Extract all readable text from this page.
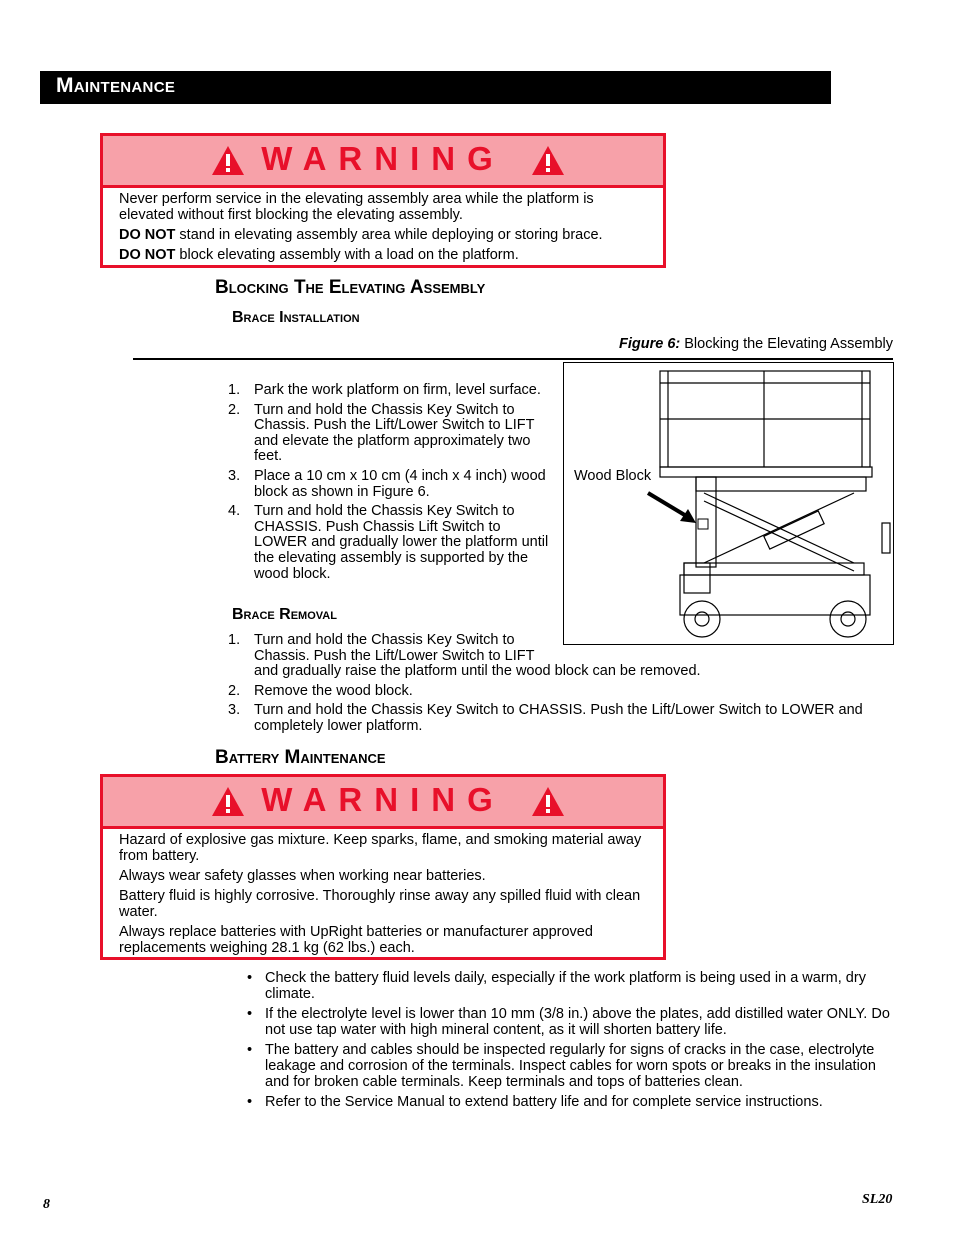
Maintenance
WARNING

Never perform service in the elevating assembly area while the platform is elevated without first blocking the elevating assembly.

DO NOT stand in elevating assembly area while deploying or storing brace.

DO NOT block elevating assembly with a load on the platform.

Blocking The Elevating Assembly
Brace Installation
Figure 6: Blocking the Elevating Assembly
Wood Block
1. Park the work platform on firm, level surface.
2. Turn and hold the Chassis Key Switch to Chassis. Push the Lift/Lower Switch to LIFT and elevate the platform approximately two feet.
3. Place a 10 cm x 10 cm (4 inch x 4 inch) wood block as shown in Figure 6.
4. Turn and hold the Chassis Key Switch to CHASSIS. Push Chassis Lift Switch to LOWER and gradually lower the platform until the elevating assembly is supported by the wood block.
Brace Removal
1. Turn and hold the Chassis Key Switch to
Chassis. Push the Lift/Lower Switch to LIFT
and gradually raise the platform until the wood block can be removed.
2. Remove the wood block.
3. Turn and hold the Chassis Key Switch to CHASSIS. Push the Lift/Lower Switch to LOWER and completely lower platform.
Battery Maintenance
WARNING

Hazard of explosive gas mixture. Keep sparks, flame, and smoking material away from battery.

Always wear safety glasses when working near batteries.

Battery fluid is highly corrosive. Thoroughly rinse away any spilled fluid with clean water.

Always replace batteries with UpRight batteries or manufacturer approved replacements weighing 28.1 kg (62 lbs.) each.

• Check the battery fluid levels daily, especially if the work platform is being used in a warm, dry climate.
• If the electrolyte level is lower than 10 mm (3/8 in.) above the plates, add distilled water ONLY. Do not use tap water with high mineral content, as it will shorten battery life.
• The battery and cables should be inspected regularly for signs of cracks in the case, electrolyte leakage and corrosion of the terminals. Inspect cables for worn spots or breaks in the insulation and for broken cable terminals. Keep terminals and tops of batteries clean.
• Refer to the Service Manual to extend battery life and for complete service instructions.
8	SL20
